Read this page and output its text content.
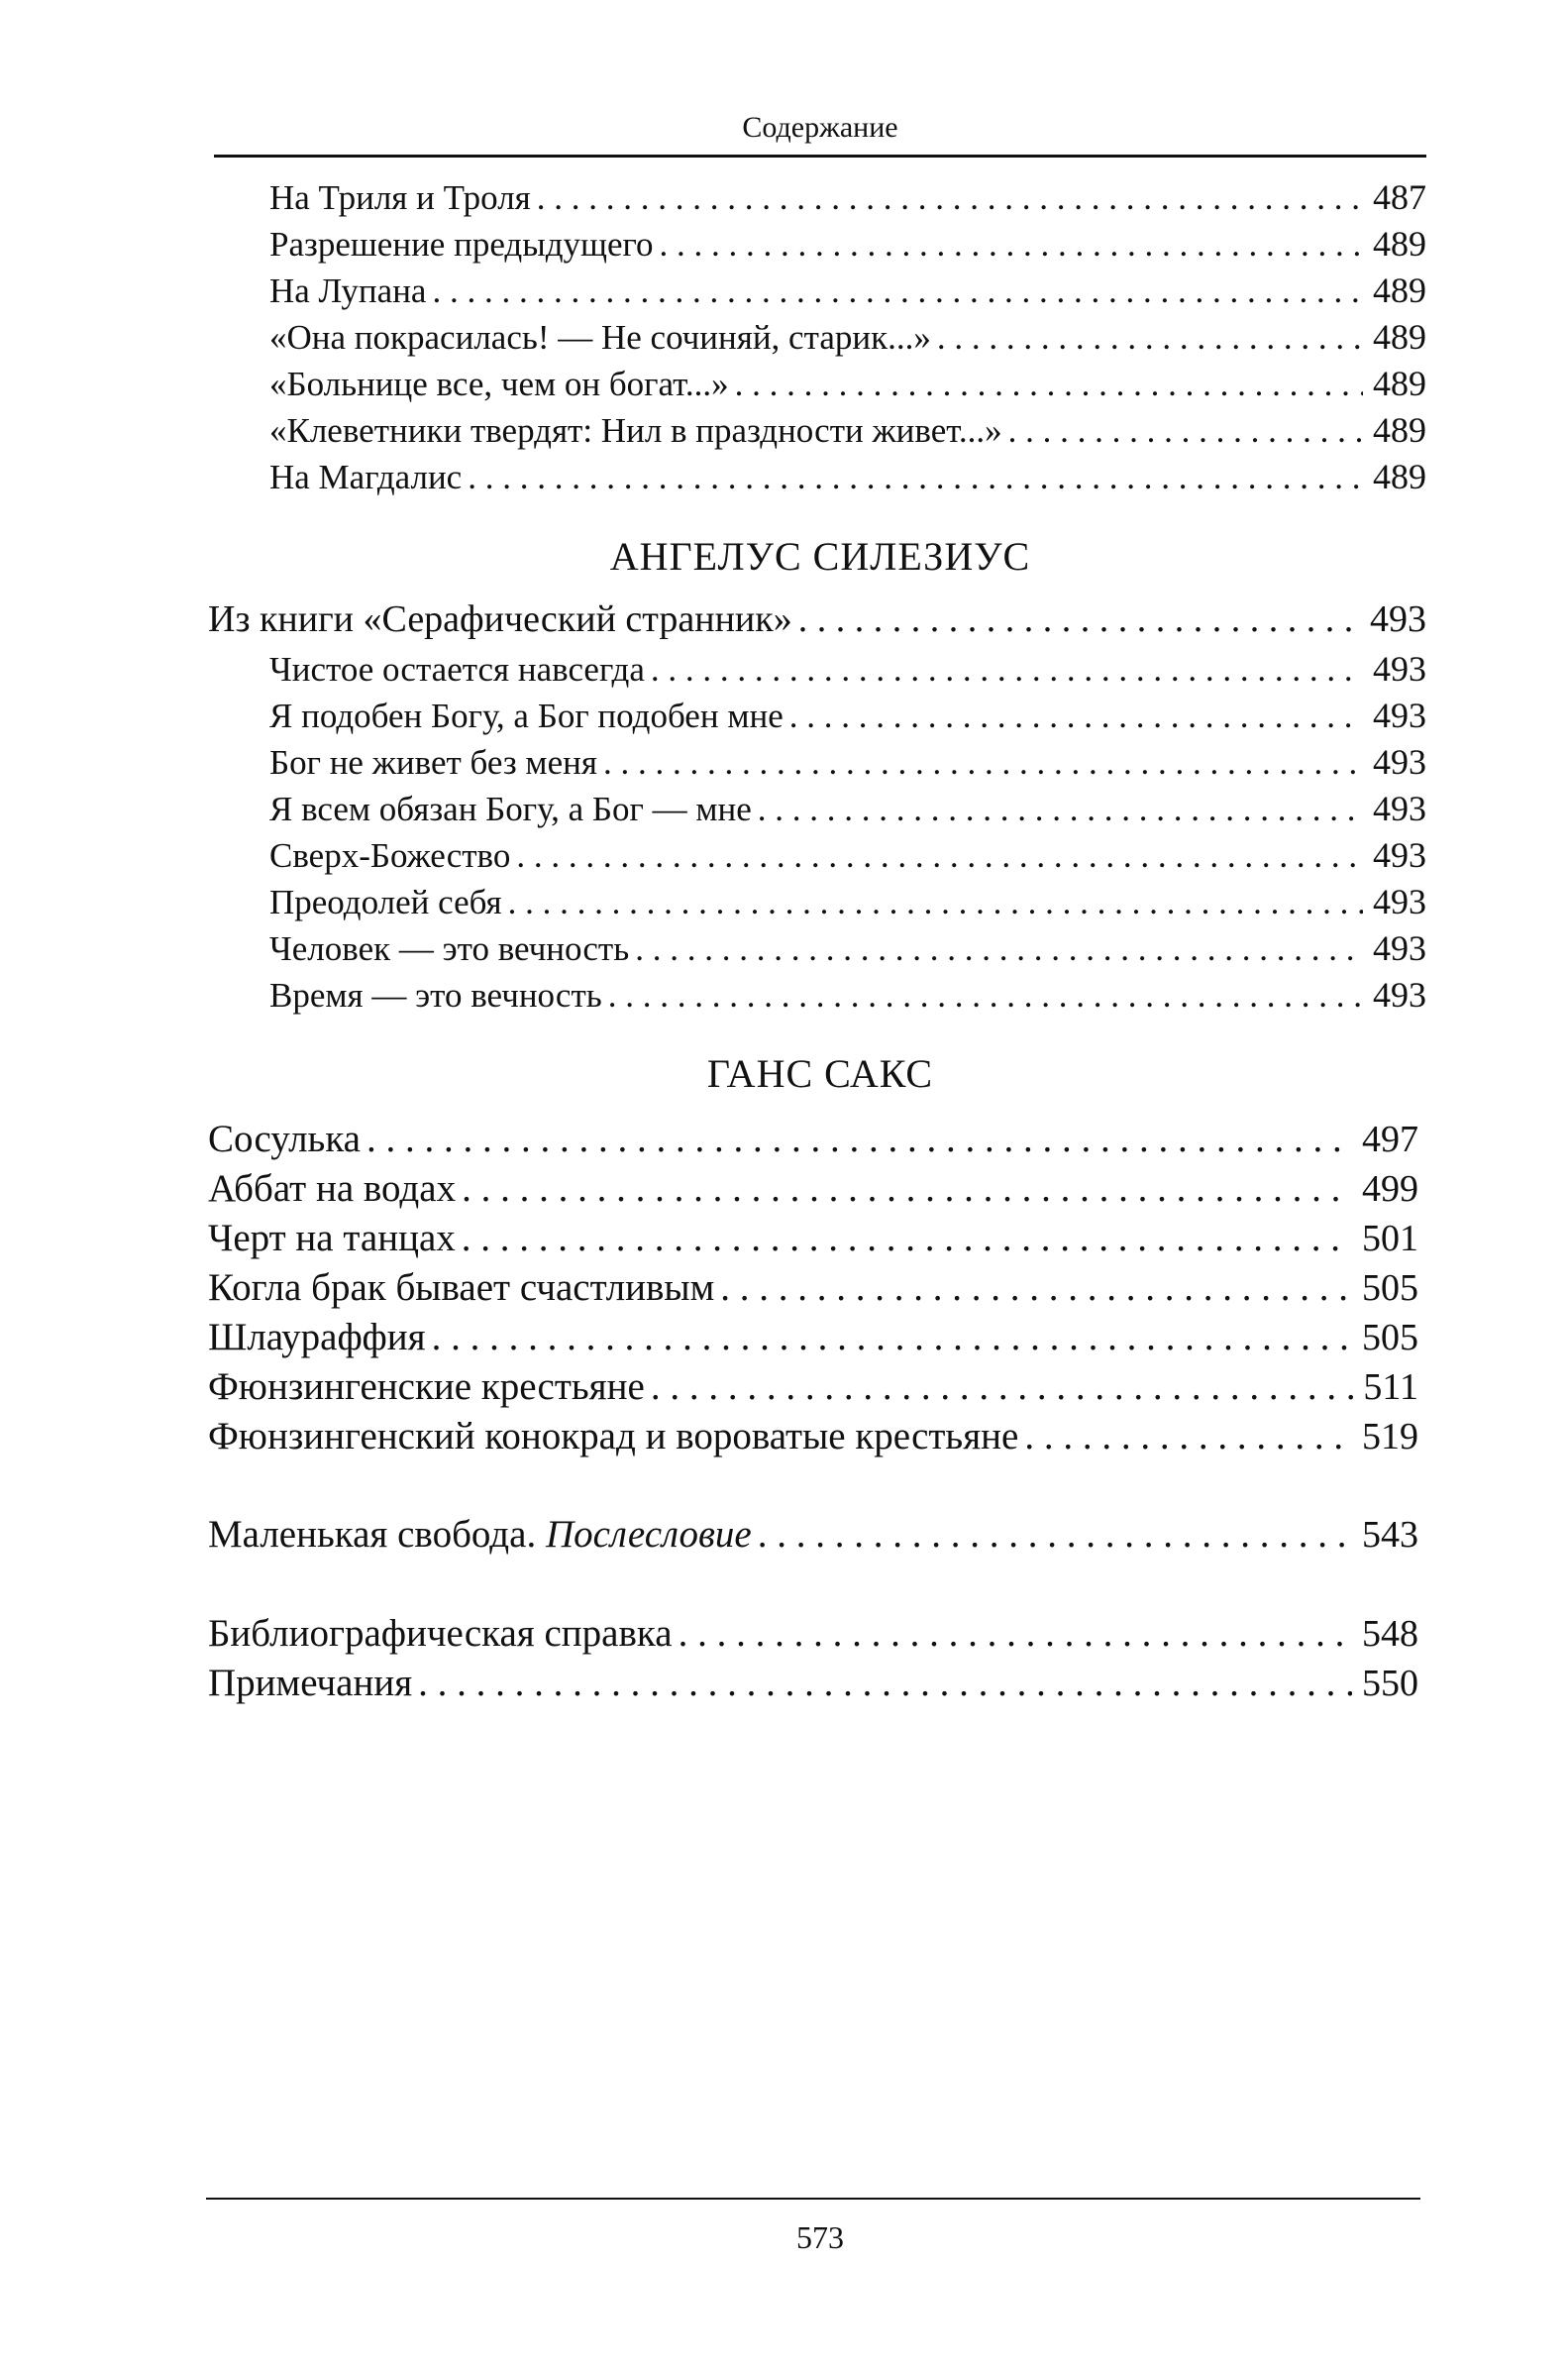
Содержание
На Триля и Троля . . .	487
Разрешение предыдущего . . .	489
На Лупана . . .	489
«Она покрасилась! — Не сочиняй, старик...» . . .	489
«Больнице все, чем он богат...» . . .	489
«Клеветники твердят: Нил в праздности живет...» . . .	489
На Магдалис . . .	489
АНГЕЛУС СИЛЕЗИУС
Из книги «Серафический странник» . . .	493
Чистое остается навсегда . . .	493
Я подобен Богу, а Бог подобен мне . . .	493
Бог не живет без меня . . .	493
Я всем обязан Богу, а Бог — мне . . .	493
Сверх-Божество . . .	493
Преодолей себя . . .	493
Человек — это вечность . . .	493
Время — это вечность . . .	493
ГАНС САКС
Сосулька . . .	497
Аббат на водах . . .	499
Черт на танцах . . .	501
Когла брак бывает счастливым . . .	505
Шлаураффия . . .	505
Фюнзингенские крестьяне . . .	511
Фюнзингенский конокрад и вороватые крестьяне . . .	519
Маленькая свобода. Послесловие . . .	543
Библиографическая справка . . .	548
Примечания . . .	550
573
